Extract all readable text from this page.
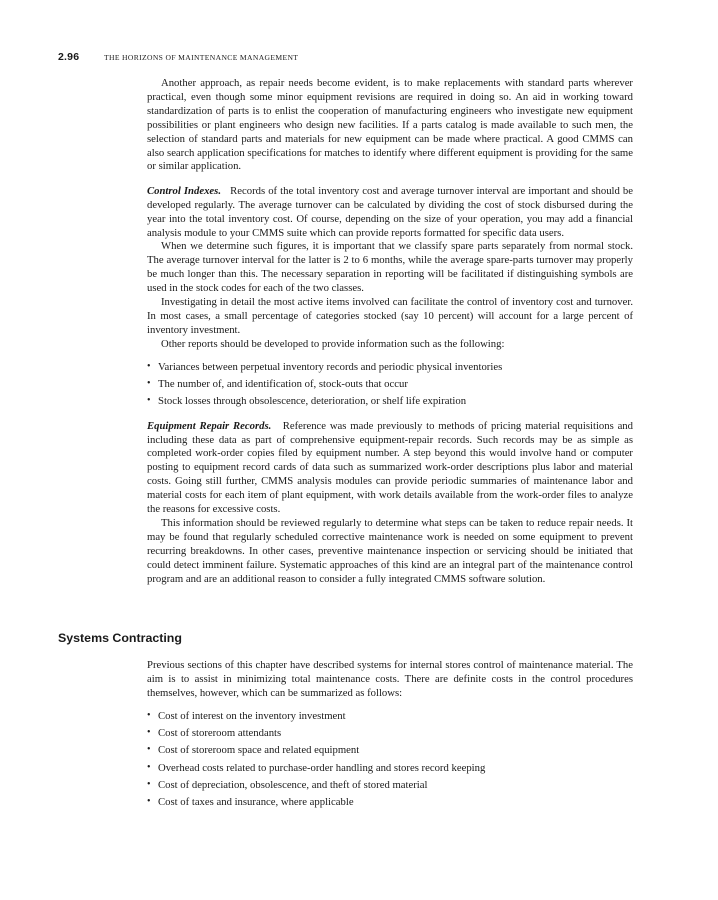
2.96	THE HORIZONS OF MAINTENANCE MANAGEMENT

Another approach, as repair needs become evident, is to make replacements with standard parts wherever practical, even though some minor equipment revisions are required in doing so. An aid in working toward standardization of parts is to enlist the cooperation of manufacturing engineers who investigate new equipment possibilities or plant engineers who design new facilities. If a parts catalog is made available to such men, the selection of standard parts and materials for new equipment can be made where practical. A good CMMS can also search application specifications for matches to identify where different equipment is providing for the same or similar application.

Control Indexes. Records of the total inventory cost and average turnover interval are important and should be developed regularly. The average turnover can be calculated by dividing the cost of stock disbursed during the year into the total inventory cost. Of course, depending on the size of your operation, you may add a financial analysis module to your CMMS suite which can provide reports formatted for specific data users.

When we determine such figures, it is important that we classify spare parts separately from normal stock. The average turnover interval for the latter is 2 to 6 months, while the average spare-parts turnover may properly be much longer than this. The necessary separation in reporting will be facilitated if distinguishing symbols are used in the stock codes for each of the two classes.

Investigating in detail the most active items involved can facilitate the control of inventory cost and turnover. In most cases, a small percentage of categories stocked (say 10 percent) will account for a large percent of inventory investment.

Other reports should be developed to provide information such as the following:

• Variances between perpetual inventory records and periodic physical inventories
• The number of, and identification of, stock-outs that occur
• Stock losses through obsolescence, deterioration, or shelf life expiration

Equipment Repair Records. Reference was made previously to methods of pricing material requisitions and including these data as part of comprehensive equipment-repair records. Such records may be as simple as completed work-order copies filed by equipment number. A step beyond this would involve hand or computer posting to equipment record cards of data such as summarized work-order descriptions plus labor and material costs. Going still further, CMMS analysis modules can provide periodic summaries of maintenance labor and material costs for each item of plant equipment, with work details available from the work-order files to analyze the reasons for excessive costs.

This information should be reviewed regularly to determine what steps can be taken to reduce repair needs. It may be found that regularly scheduled corrective maintenance work is needed on some equipment to prevent recurring breakdowns. In other cases, preventive maintenance inspection or servicing should be initiated that could detect imminent failure. Systematic approaches of this kind are an integral part of the maintenance control program and are an additional reason to consider a fully integrated CMMS software solution.

Systems Contracting

Previous sections of this chapter have described systems for internal stores control of maintenance material. The aim is to assist in minimizing total maintenance costs. There are definite costs in the control procedures themselves, however, which can be summarized as follows:

• Cost of interest on the inventory investment
• Cost of storeroom attendants
• Cost of storeroom space and related equipment
• Overhead costs related to purchase-order handling and stores record keeping
• Cost of depreciation, obsolescence, and theft of stored material
• Cost of taxes and insurance, where applicable
